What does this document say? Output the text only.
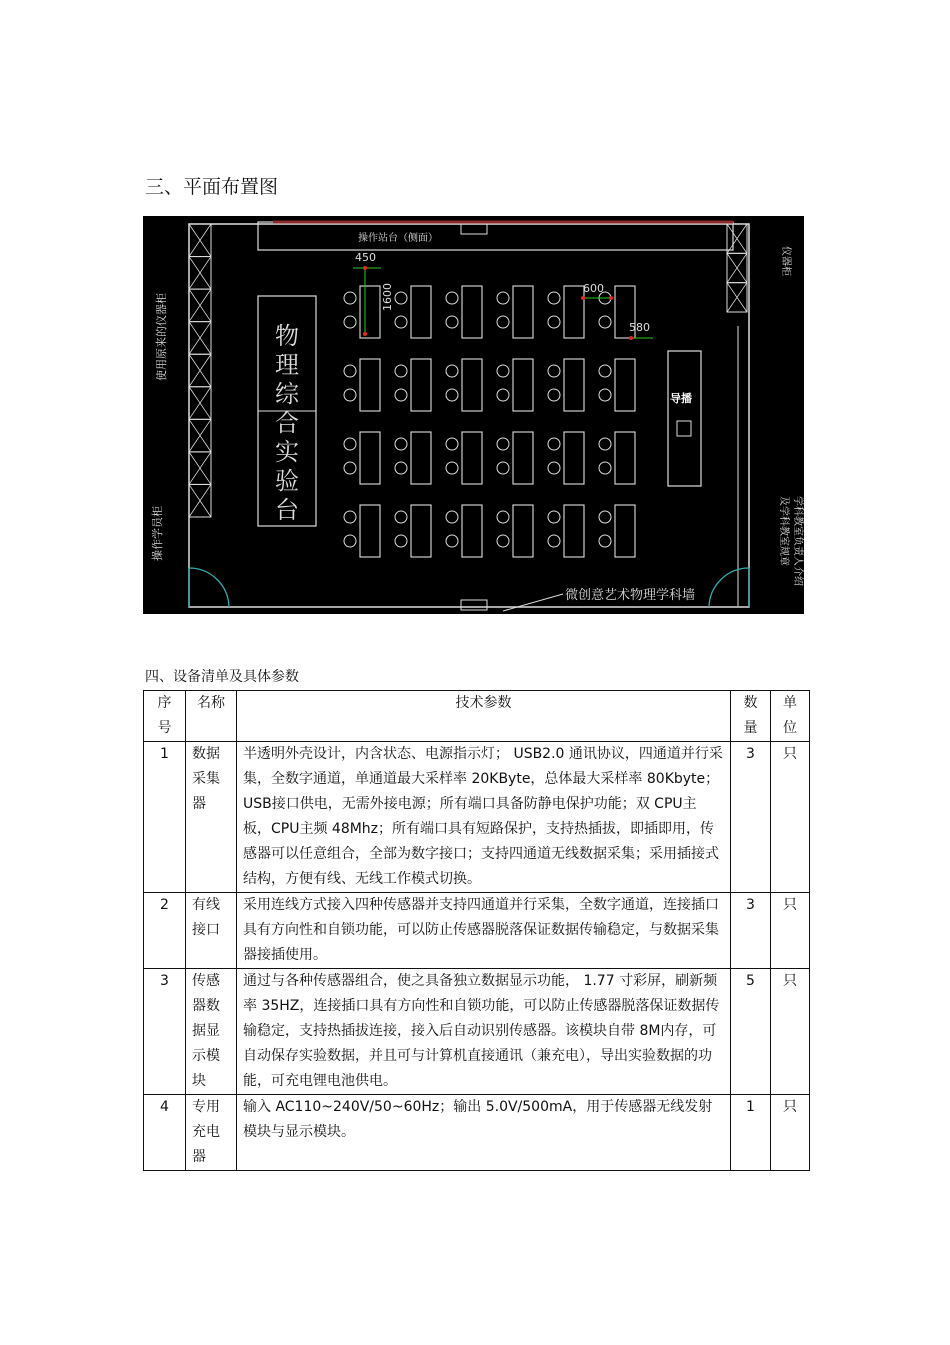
三、平面布置图
操作站台（侧面）
使用原来的仪器柜
操作学员柜
仪器柜
学科教室负责人介绍
及学科教室规章
导播
微创意艺术物理学科墙
450
1600	600
580
物
理
综
合
实
验
台
四、设备清单及具体参数
序号	名称	技术参数	数量	单位
1	数据采集器	半透明外壳设计，内含状态、电源指示灯； USB2.0 通讯协议，四通道并行采集，全数字通道，单通道最大采样率 20KByte，总体最大采样率 80Kbyte；USB接口供电，无需外接电源；所有端口具备防静电保护功能；双 CPU主板，CPU主频 48Mhz；所有端口具有短路保护，支持热插拔，即插即用，传感器可以任意组合，全部为数字接口；支持四通道无线数据采集；采用插接式结构，方便有线、无线工作模式切换。	3	只
2	有线接口	采用连线方式接入四种传感器并支持四通道并行采集，全数字通道，连接插口具有方向性和自锁功能，可以防止传感器脱落保证数据传输稳定，与数据采集器接插使用。	3	只
3	传感器数据显示模块	通过与各种传感器组合，使之具备独立数据显示功能， 1.77 寸彩屏，刷新频率 35HZ，连接插口具有方向性和自锁功能，可以防止传感器脱落保证数据传输稳定，支持热插拔连接，接入后自动识别传感器。该模块自带 8M内存，可自动保存实验数据，并且可与计算机直接通讯（兼充电），导出实验数据的功能，可充电锂电池供电。	5	只
4	专用充电器	输入 AC110~240V/50~60Hz；输出 5.0V/500mA，用于传感器无线发射模块与显示模块。	1	只
